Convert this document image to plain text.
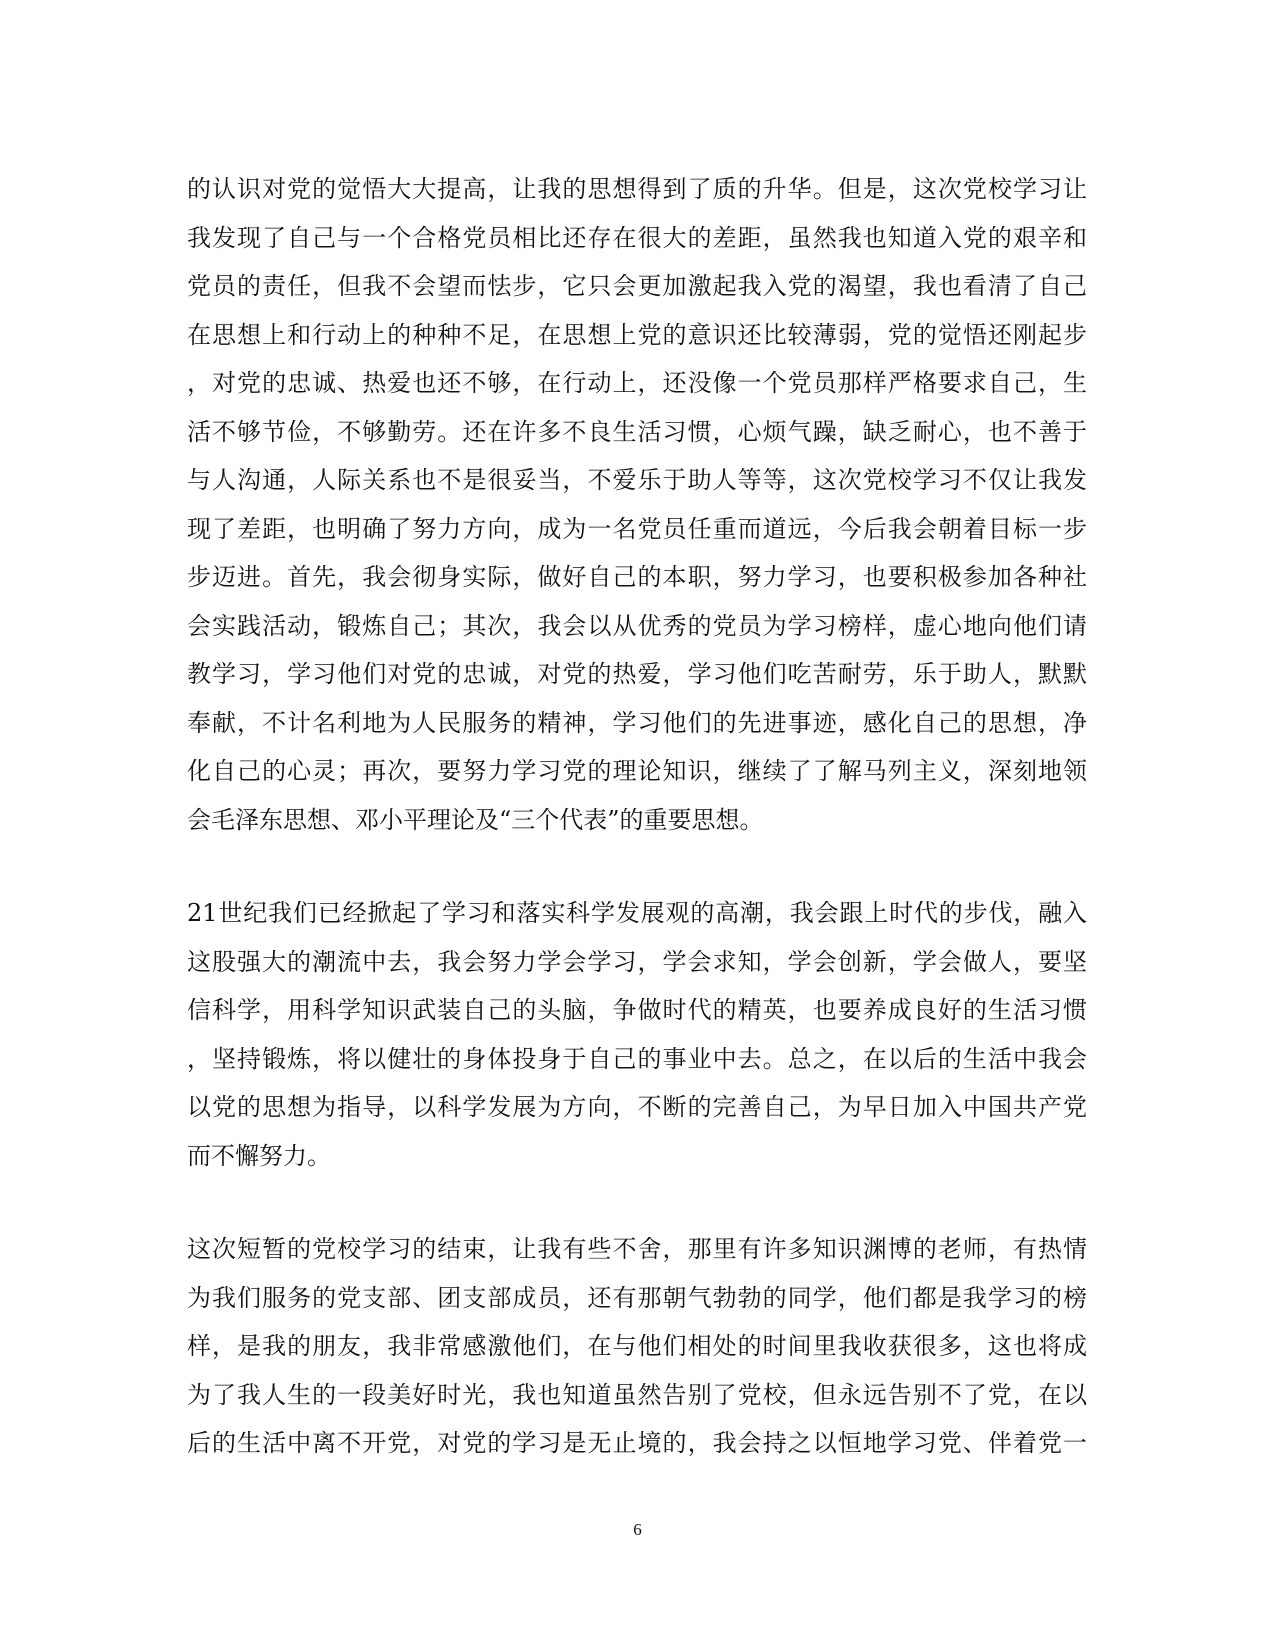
的认识对党的觉悟大大提高，让我的思想得到了质的升华。但是，这次党校学习让
我发现了自己与一个合格党员相比还存在很大的差距，虽然我也知道入党的艰辛和
党员的责任，但我不会望而怯步，它只会更加激起我入党的渴望，我也看清了自己
在思想上和行动上的种种不足，在思想上党的意识还比较薄弱，党的觉悟还刚起步
，对党的忠诚、热爱也还不够，在行动上，还没像一个党员那样严格要求自己，生
活不够节俭，不够勤劳。还在许多不良生活习惯，心烦气躁，缺乏耐心，也不善于
与人沟通，人际关系也不是很妥当，不爱乐于助人等等，这次党校学习不仅让我发
现了差距，也明确了努力方向，成为一名党员任重而道远，今后我会朝着目标一步
步迈进。首先，我会彻身实际，做好自己的本职，努力学习，也要积极参加各种社
会实践活动，锻炼自己；其次，我会以从优秀的党员为学习榜样，虚心地向他们请
教学习，学习他们对党的忠诚，对党的热爱，学习他们吃苦耐劳，乐于助人，默默
奉献，不计名利地为人民服务的精神，学习他们的先进事迹，感化自己的思想，净
化自己的心灵；再次，要努力学习党的理论知识，继续了了解马列主义，深刻地领
会毛泽东思想、邓小平理论及“三个代表”的重要思想。
21世纪我们已经掀起了学习和落实科学发展观的高潮，我会跟上时代的步伐，融入
这股强大的潮流中去，我会努力学会学习，学会求知，学会创新，学会做人，要坚
信科学，用科学知识武装自己的头脑，争做时代的精英，也要养成良好的生活习惯
，坚持锻炼，将以健壮的身体投身于自己的事业中去。总之，在以后的生活中我会
以党的思想为指导，以科学发展为方向，不断的完善自己，为早日加入中国共产党
而不懈努力。
这次短暂的党校学习的结束，让我有些不舍，那里有许多知识渊博的老师，有热情
为我们服务的党支部、团支部成员，还有那朝气勃勃的同学，他们都是我学习的榜
样，是我的朋友，我非常感激他们，在与他们相处的时间里我收获很多，这也将成
为了我人生的一段美好时光，我也知道虽然告别了党校，但永远告别不了党，在以
后的生活中离不开党，对党的学习是无止境的，我会持之以恒地学习党、伴着党一
6
